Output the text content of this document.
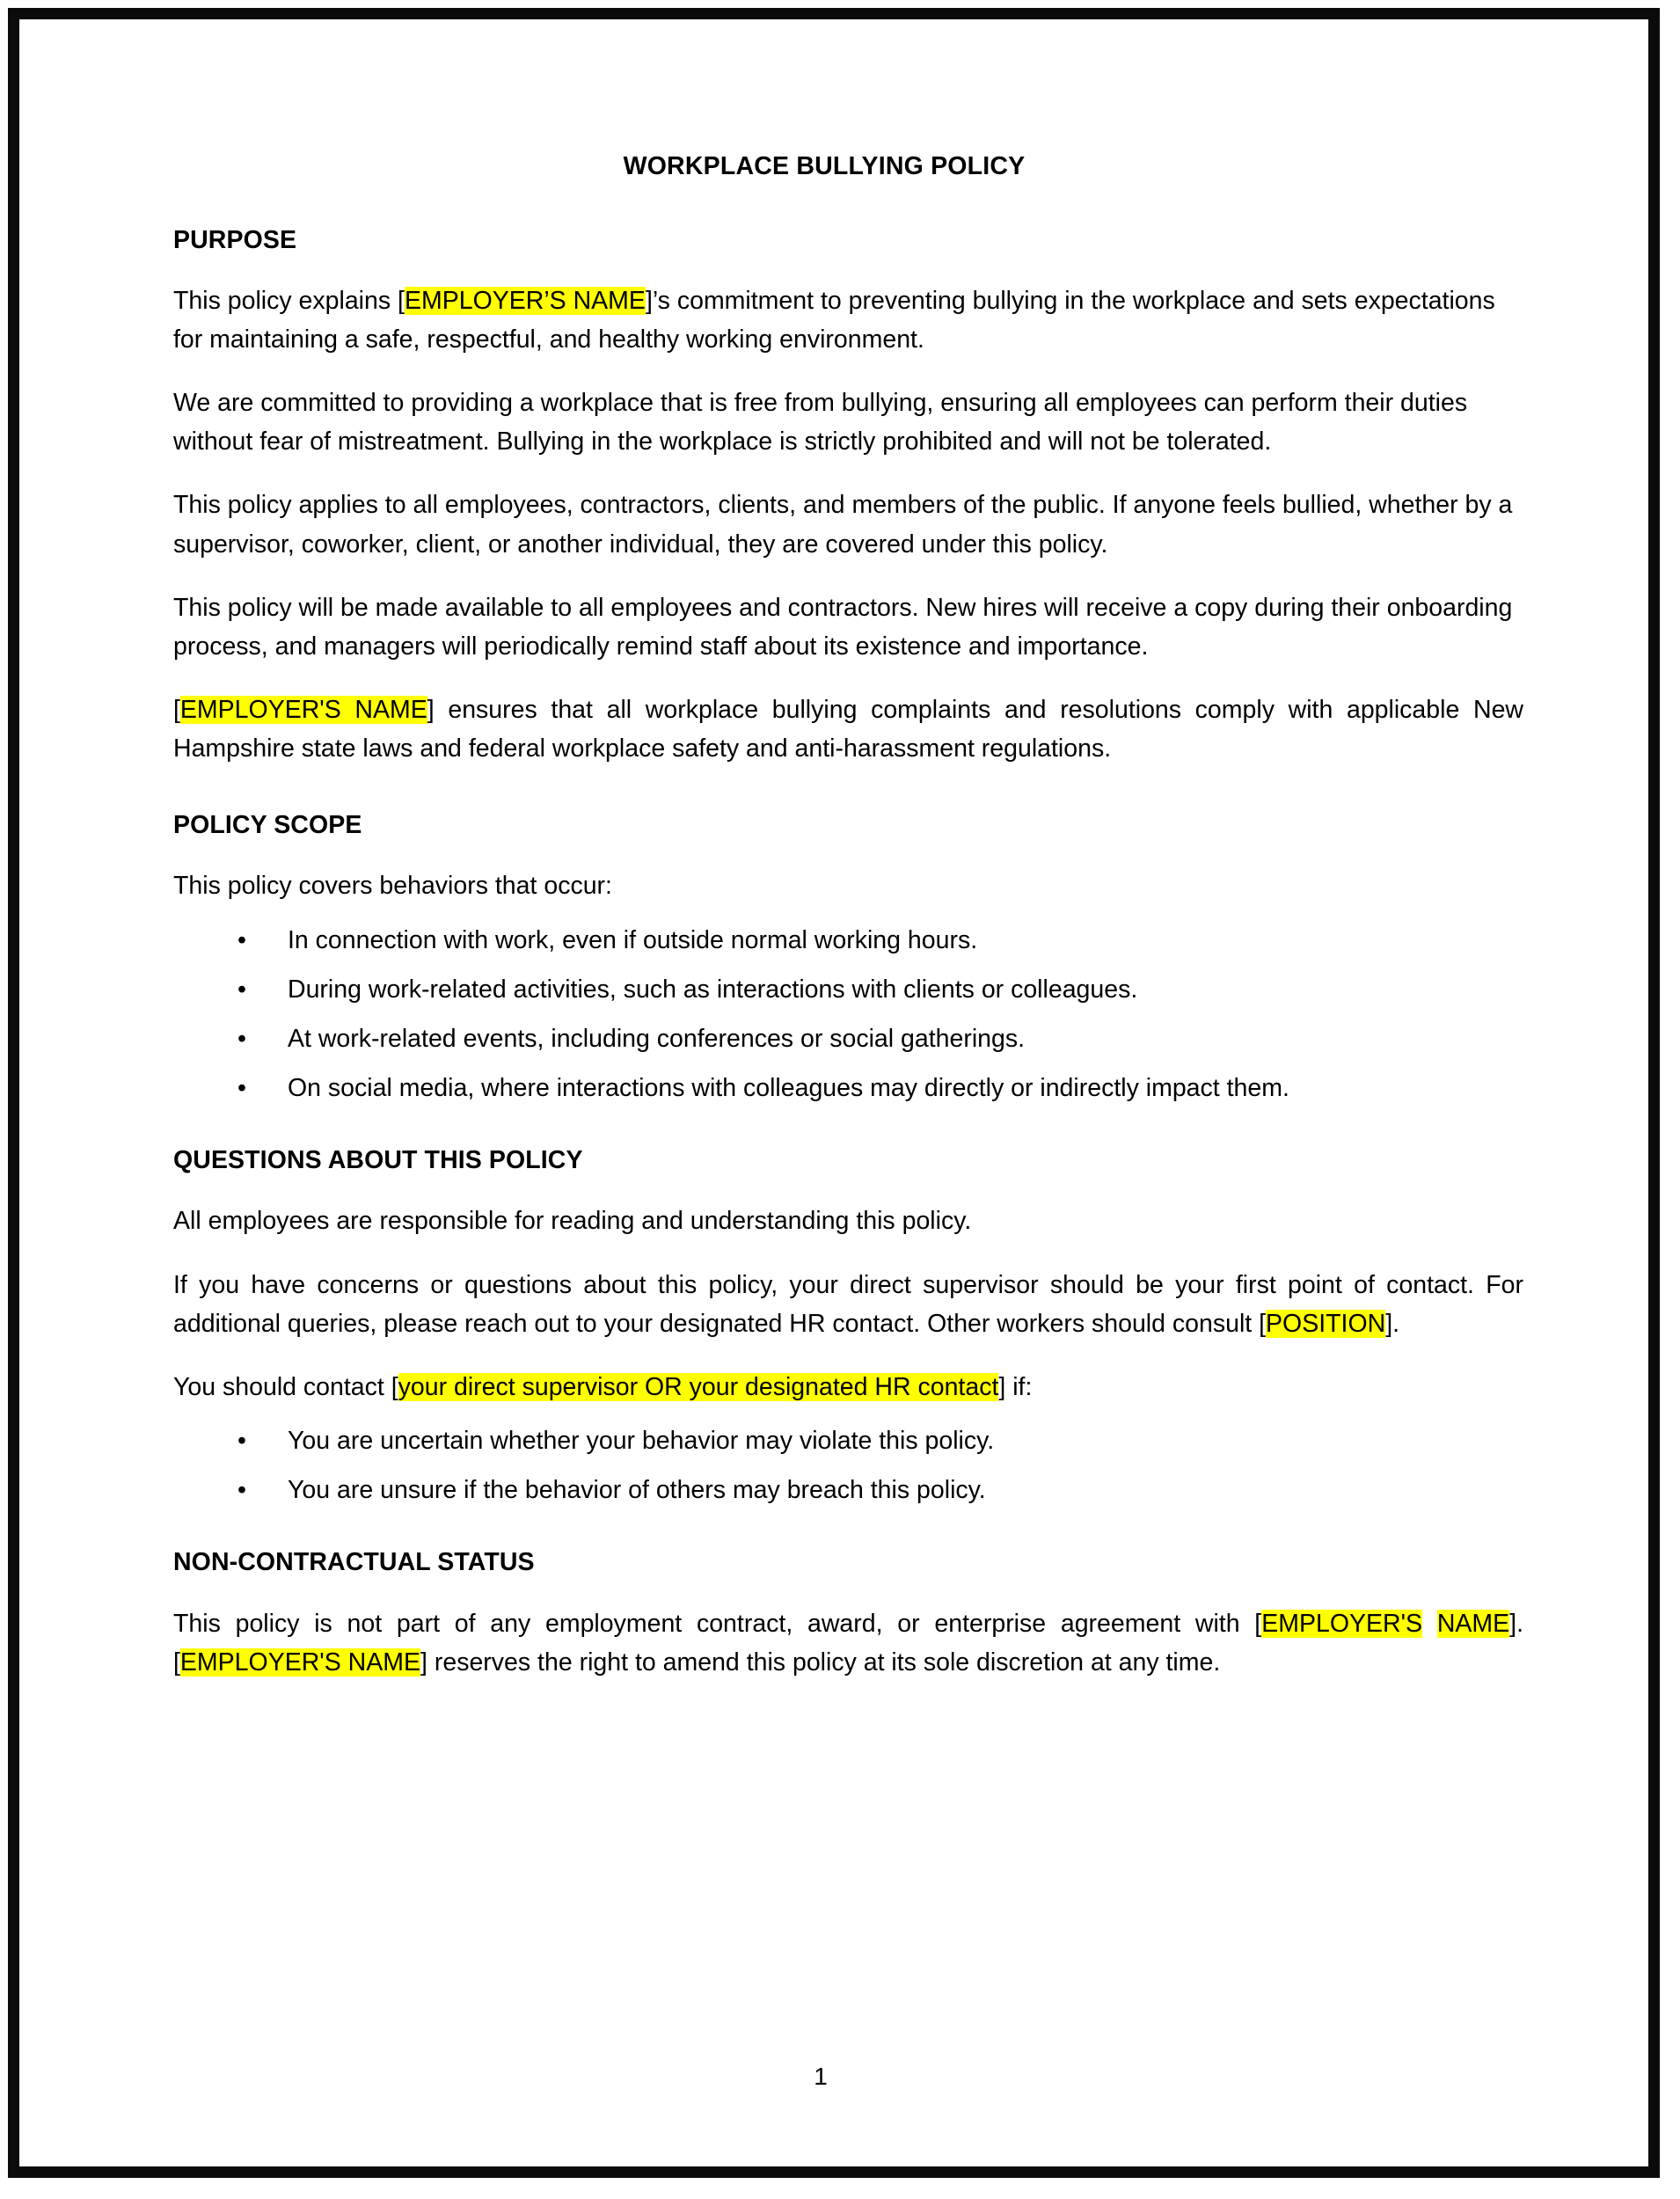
WORKPLACE BULLYING POLICY
PURPOSE

This policy explains [EMPLOYER’S NAME]’s commitment to preventing bullying in the workplace and sets expectations for maintaining a safe, respectful, and healthy working environment.

We are committed to providing a workplace that is free from bullying, ensuring all employees can perform their duties without fear of mistreatment. Bullying in the workplace is strictly prohibited and will not be tolerated.

This policy applies to all employees, contractors, clients, and members of the public. If anyone feels bullied, whether by a supervisor, coworker, client, or another individual, they are covered under this policy.

This policy will be made available to all employees and contractors. New hires will receive a copy during their onboarding process, and managers will periodically remind staff about its existence and importance.

[EMPLOYER'S NAME] ensures that all workplace bullying complaints and resolutions comply with applicable New Hampshire state laws and federal workplace safety and anti-harassment regulations.

POLICY SCOPE

This policy covers behaviors that occur:

• In connection with work, even if outside normal working hours.
• During work-related activities, such as interactions with clients or colleagues.
• At work-related events, including conferences or social gatherings.
• On social media, where interactions with colleagues may directly or indirectly impact them.
QUESTIONS ABOUT THIS POLICY

All employees are responsible for reading and understanding this policy.

If you have concerns or questions about this policy, your direct supervisor should be your first point of contact. For additional queries, please reach out to your designated HR contact. Other workers should consult [POSITION].

You should contact [your direct supervisor OR your designated HR contact] if:

• You are uncertain whether your behavior may violate this policy.
• You are unsure if the behavior of others may breach this policy.
NON-CONTRACTUAL STATUS

This policy is not part of any employment contract, award, or enterprise agreement with [EMPLOYER'S NAME]. [EMPLOYER'S NAME] reserves the right to amend this policy at its sole discretion at any time.

1
